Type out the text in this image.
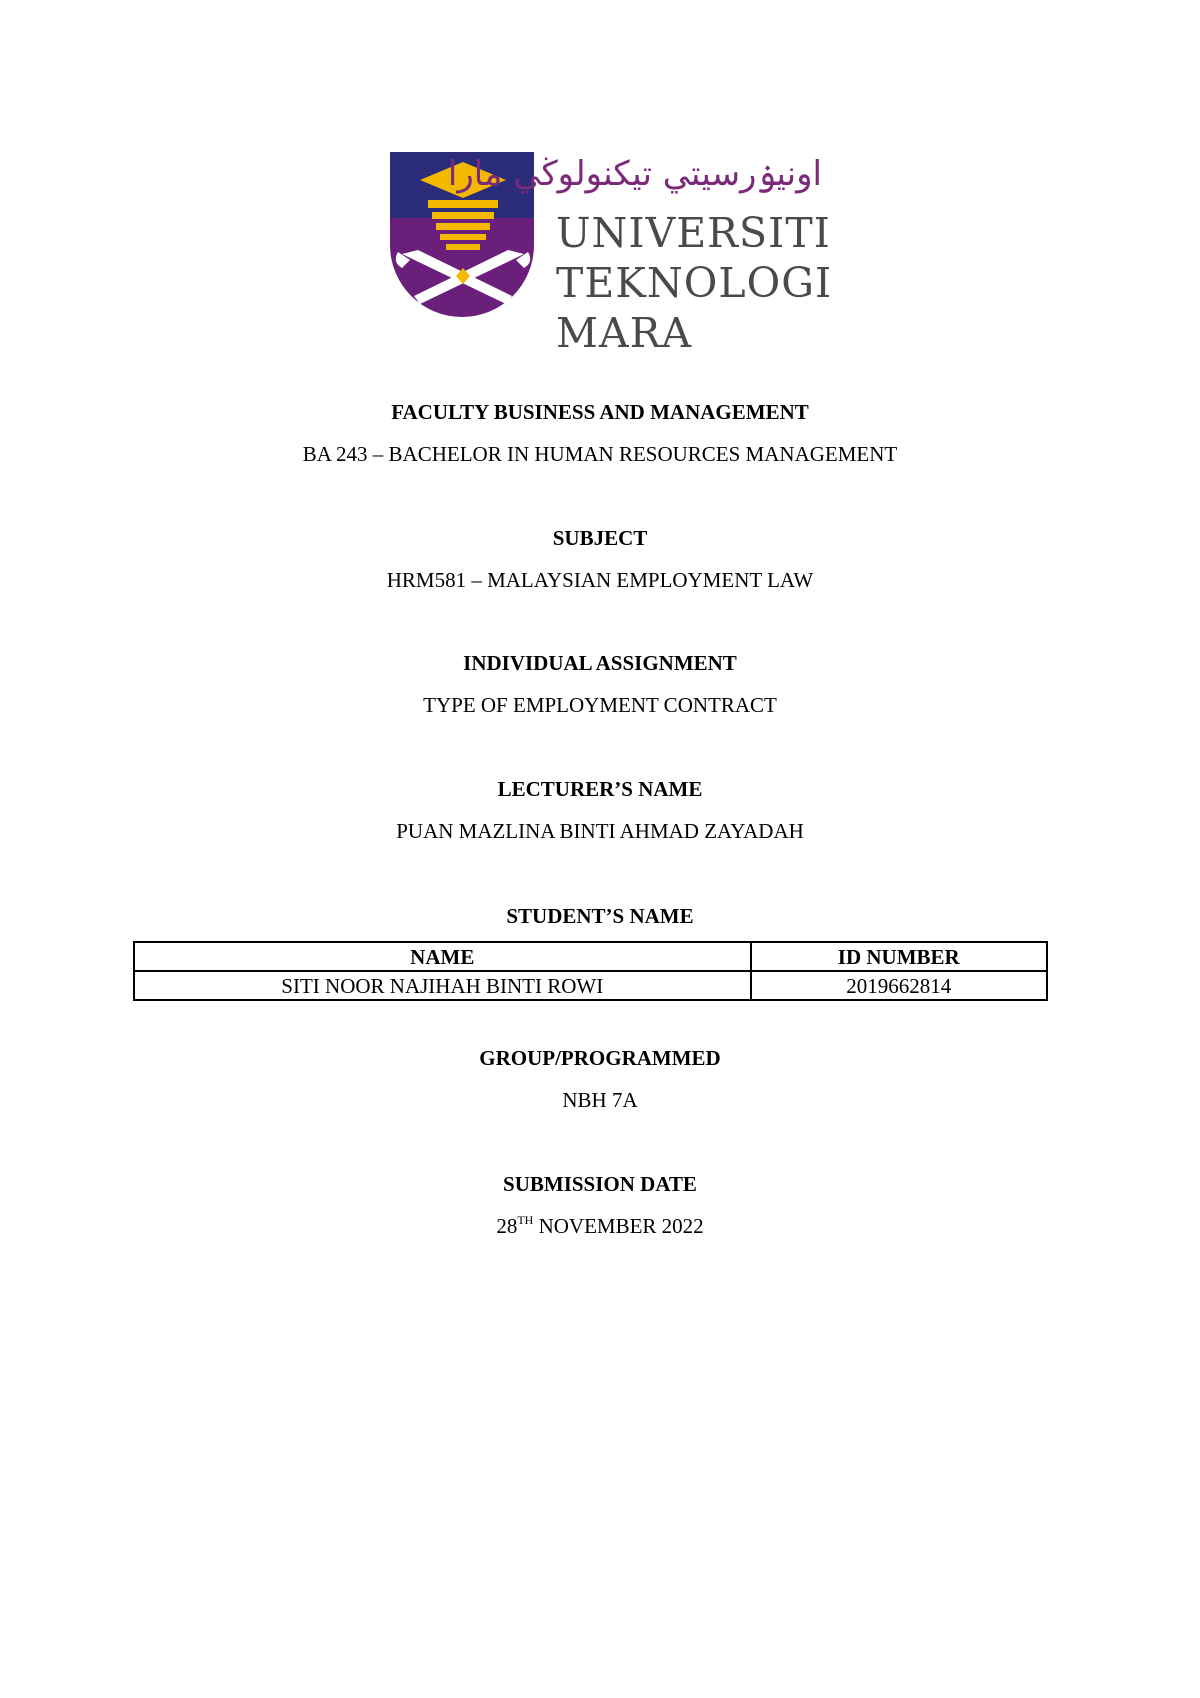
اونيۏرسيتي تيكنولوڬي مارا
UNIVERSITI
TEKNOLOGI
MARA
FACULTY BUSINESS AND MANAGEMENT
BA 243 – BACHELOR IN HUMAN RESOURCES MANAGEMENT
SUBJECT
HRM581 – MALAYSIAN EMPLOYMENT LAW
INDIVIDUAL ASSIGNMENT
TYPE OF EMPLOYMENT CONTRACT
LECTURER’S NAME
PUAN MAZLINA BINTI AHMAD ZAYADAH
STUDENT’S NAME
NAME	ID NUMBER
SITI NOOR NAJIHAH BINTI ROWI	2019662814
GROUP/PROGRAMMED
NBH 7A
SUBMISSION DATE
28TH NOVEMBER 2022
